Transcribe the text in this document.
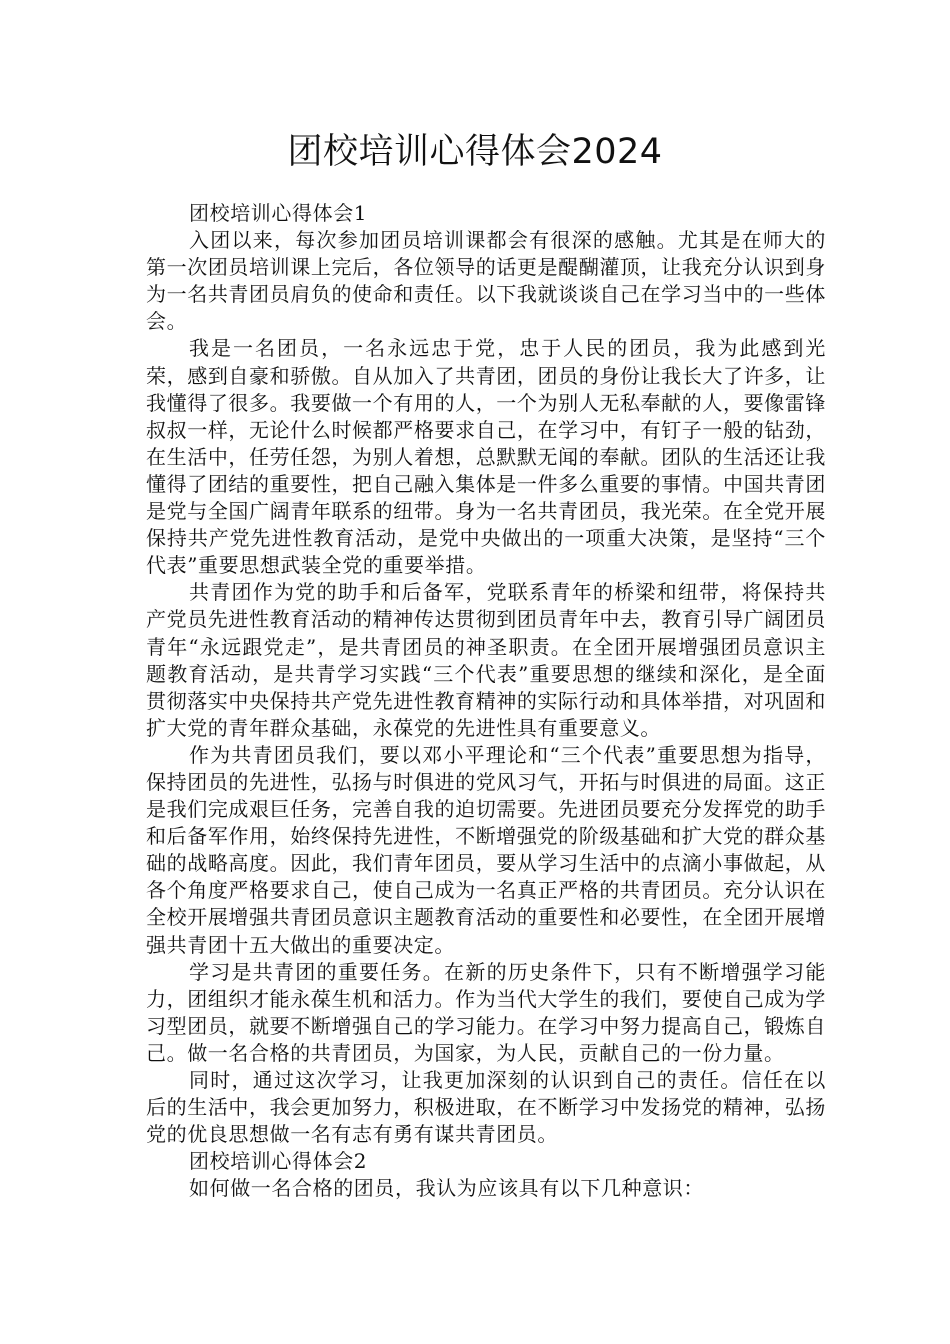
团校培训心得体会2024

团校培训心得体会1

入团以来，每次参加团员培训课都会有很深的感触。尤其是在师大的第一次团员培训课上完后，各位领导的话更是醍醐灌顶，让我充分认识到身为一名共青团员肩负的使命和责任。以下我就谈谈自己在学习当中的一些体会。

我是一名团员，一名永远忠于党，忠于人民的团员，我为此感到光荣，感到自豪和骄傲。自从加入了共青团，团员的身份让我长大了许多，让我懂得了很多。我要做一个有用的人，一个为别人无私奉献的人，要像雷锋叔叔一样，无论什么时候都严格要求自己，在学习中，有钉子一般的钻劲，在生活中，任劳任怨，为别人着想，总默默无闻的奉献。团队的生活还让我懂得了团结的重要性，把自己融入集体是一件多么重要的事情。中国共青团是党与全国广阔青年联系的纽带。身为一名共青团员，我光荣。在全党开展保持共产党先进性教育活动，是党中央做出的一项重大决策，是坚持“三个代表”重要思想武装全党的重要举措。

共青团作为党的助手和后备军，党联系青年的桥梁和纽带，将保持共产党员先进性教育活动的精神传达贯彻到团员青年中去，教育引导广阔团员青年“永远跟党走”，是共青团员的神圣职责。在全团开展增强团员意识主题教育活动，是共青学习实践“三个代表”重要思想的继续和深化，是全面贯彻落实中央保持共产党先进性教育精神的实际行动和具体举措，对巩固和扩大党的青年群众基础，永葆党的先进性具有重要意义。

作为共青团员我们，要以邓小平理论和“三个代表”重要思想为指导，保持团员的先进性，弘扬与时俱进的党风习气，开拓与时俱进的局面。这正是我们完成艰巨任务，完善自我的迫切需要。先进团员要充分发挥党的助手和后备军作用，始终保持先进性，不断增强党的阶级基础和扩大党的群众基础的战略高度。因此，我们青年团员，要从学习生活中的点滴小事做起，从各个角度严格要求自己，使自己成为一名真正严格的共青团员。充分认识在全校开展增强共青团员意识主题教育活动的重要性和必要性，在全团开展增强共青团十五大做出的重要决定。

学习是共青团的重要任务。在新的历史条件下，只有不断增强学习能力，团组织才能永葆生机和活力。作为当代大学生的我们，要使自己成为学习型团员，就要不断增强自己的学习能力。在学习中努力提高自己，锻炼自己。做一名合格的共青团员，为国家，为人民，贡献自己的一份力量。

同时，通过这次学习，让我更加深刻的认识到自己的责任。信任在以后的生活中，我会更加努力，积极进取，在不断学习中发扬党的精神，弘扬党的优良思想做一名有志有勇有谋共青团员。

团校培训心得体会2

如何做一名合格的团员，我认为应该具有以下几种意识：
